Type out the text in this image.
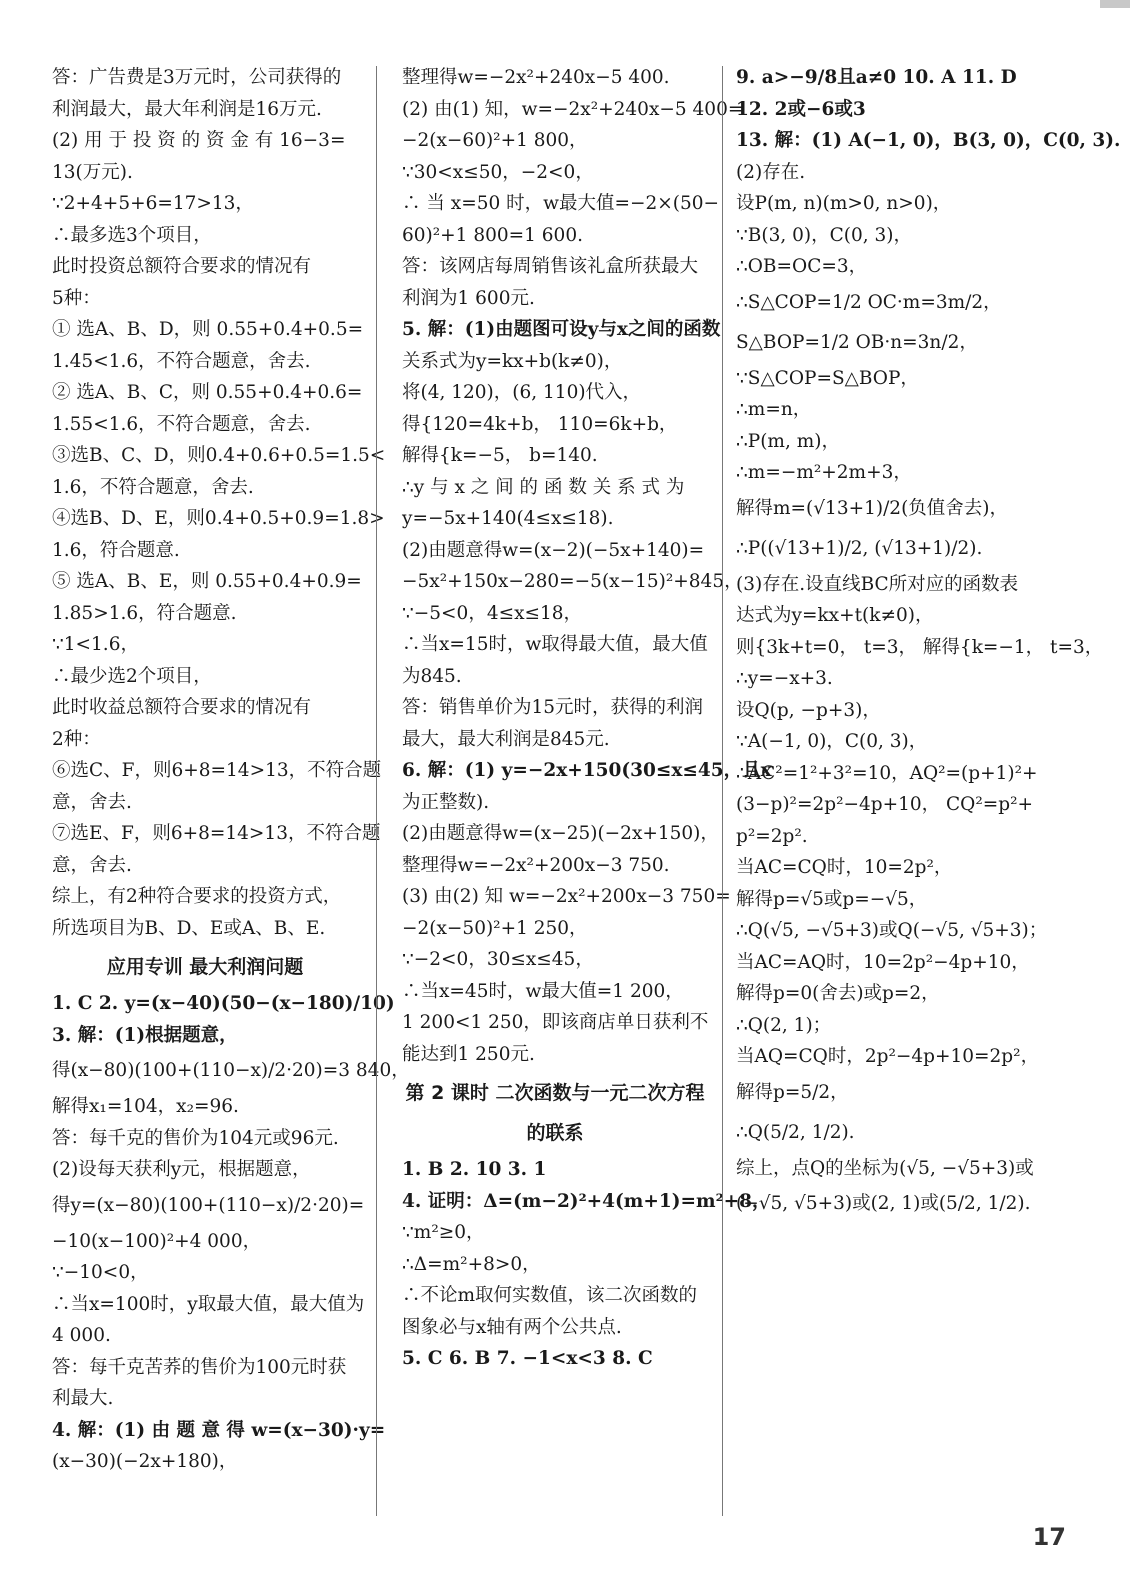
答：广告费是3万元时，公司获得的
利润最大，最大年利润是16万元.
(2) 用 于 投 资 的 资 金 有 16−3=
13(万元).
∵2+4+5+6=17>13，
∴最多选3个项目，
此时投资总额符合要求的情况有
5种：
① 选A、B、D，则 0.55+0.4+0.5=
1.45<1.6，不符合题意，舍去.
② 选A、B、C，则 0.55+0.4+0.6=
1.55<1.6，不符合题意，舍去.
③选B、C、D，则0.4+0.6+0.5=1.5<
1.6，不符合题意，舍去.
④选B、D、E，则0.4+0.5+0.9=1.8>
1.6，符合题意.
⑤ 选A、B、E，则 0.55+0.4+0.9=
1.85>1.6，符合题意.
∵1<1.6，
∴最少选2个项目，
此时收益总额符合要求的情况有
2种：
⑥选C、F，则6+8=14>13，不符合题
意，舍去.
⑦选E、F，则6+8=14>13，不符合题
意，舍去.
综上，有2种符合要求的投资方式，
所选项目为B、D、E或A、B、E.
应用专训 最大利润问题
1. C 2. y=(x−40)(50−(x−180)/10)
3. 解：(1)根据题意，
得(x−80)(100+(110−x)/2·20)=3 840，
解得x₁=104，x₂=96.
答：每千克的售价为104元或96元.
(2)设每天获利y元，根据题意，
得y=(x−80)(100+(110−x)/2·20)=
−10(x−100)²+4 000，
∵−10<0，
∴当x=100时，y取最大值，最大值为
4 000.
答：每千克苦荞的售价为100元时获
利最大.
4. 解：(1) 由 题 意 得 w=(x−30)·y=
(x−30)(−2x+180)，
整理得w=−2x²+240x−5 400.
(2) 由(1) 知，w=−2x²+240x−5 400=
−2(x−60)²+1 800，
∵30<x≤50，−2<0，
∴ 当 x=50 时，w最大值=−2×(50−
60)²+1 800=1 600.
答：该网店每周销售该礼盒所获最大
利润为1 600元.
5. 解：(1)由题图可设y与x之间的函数
关系式为y=kx+b(k≠0)，
将(4, 120)，(6, 110)代入，
得{120=4k+b， 110=6k+b，
解得{k=−5， b=140.
∴y 与 x 之 间 的 函 数 关 系 式 为
y=−5x+140(4≤x≤18).
(2)由题意得w=(x−2)(−5x+140)=
−5x²+150x−280=−5(x−15)²+845，
∵−5<0，4≤x≤18，
∴当x=15时，w取得最大值，最大值
为845.
答：销售单价为15元时，获得的利润
最大，最大利润是845元.
6. 解：(1) y=−2x+150(30≤x≤45，且x
为正整数).
(2)由题意得w=(x−25)(−2x+150)，
整理得w=−2x²+200x−3 750.
(3) 由(2) 知 w=−2x²+200x−3 750=
−2(x−50)²+1 250，
∵−2<0，30≤x≤45，
∴当x=45时，w最大值=1 200，
1 200<1 250，即该商店单日获利不
能达到1 250元.
第 2 课时 二次函数与一元二次方程
的联系
1. B 2. 10 3. 1
4. 证明：Δ=(m−2)²+4(m+1)=m²+8，
∵m²≥0，
∴Δ=m²+8>0，
∴不论m取何实数值，该二次函数的
图象必与x轴有两个公共点.
5. C 6. B 7. −1<x<3 8. C
9. a>−9/8且a≠0 10. A 11. D
12. 2或−6或3
13. 解：(1) A(−1, 0)，B(3, 0)，C(0, 3).
(2)存在.
设P(m, n)(m>0, n>0)，
∵B(3, 0)，C(0, 3)，
∴OB=OC=3，
∴S△COP=1/2 OC·m=3m/2，
S△BOP=1/2 OB·n=3n/2，
∵S△COP=S△BOP，
∴m=n，
∴P(m, m)，
∴m=−m²+2m+3，
解得m=(√13+1)/2(负值舍去)，
∴P((√13+1)/2, (√13+1)/2).
(3)存在.设直线BC所对应的函数表
达式为y=kx+t(k≠0)，
则{3k+t=0， t=3， 解得{k=−1， t=3，
∴y=−x+3.
设Q(p, −p+3)，
∵A(−1, 0)，C(0, 3)，
∴AC²=1²+3²=10，AQ²=(p+1)²+
(3−p)²=2p²−4p+10， CQ²=p²+
p²=2p².
当AC=CQ时，10=2p²，
解得p=√5或p=−√5，
∴Q(√5, −√5+3)或Q(−√5, √5+3)；
当AC=AQ时，10=2p²−4p+10，
解得p=0(舍去)或p=2，
∴Q(2, 1)；
当AQ=CQ时，2p²−4p+10=2p²，
解得p=5/2，
∴Q(5/2, 1/2).
综上，点Q的坐标为(√5, −√5+3)或
(−√5, √5+3)或(2, 1)或(5/2, 1/2).
17
